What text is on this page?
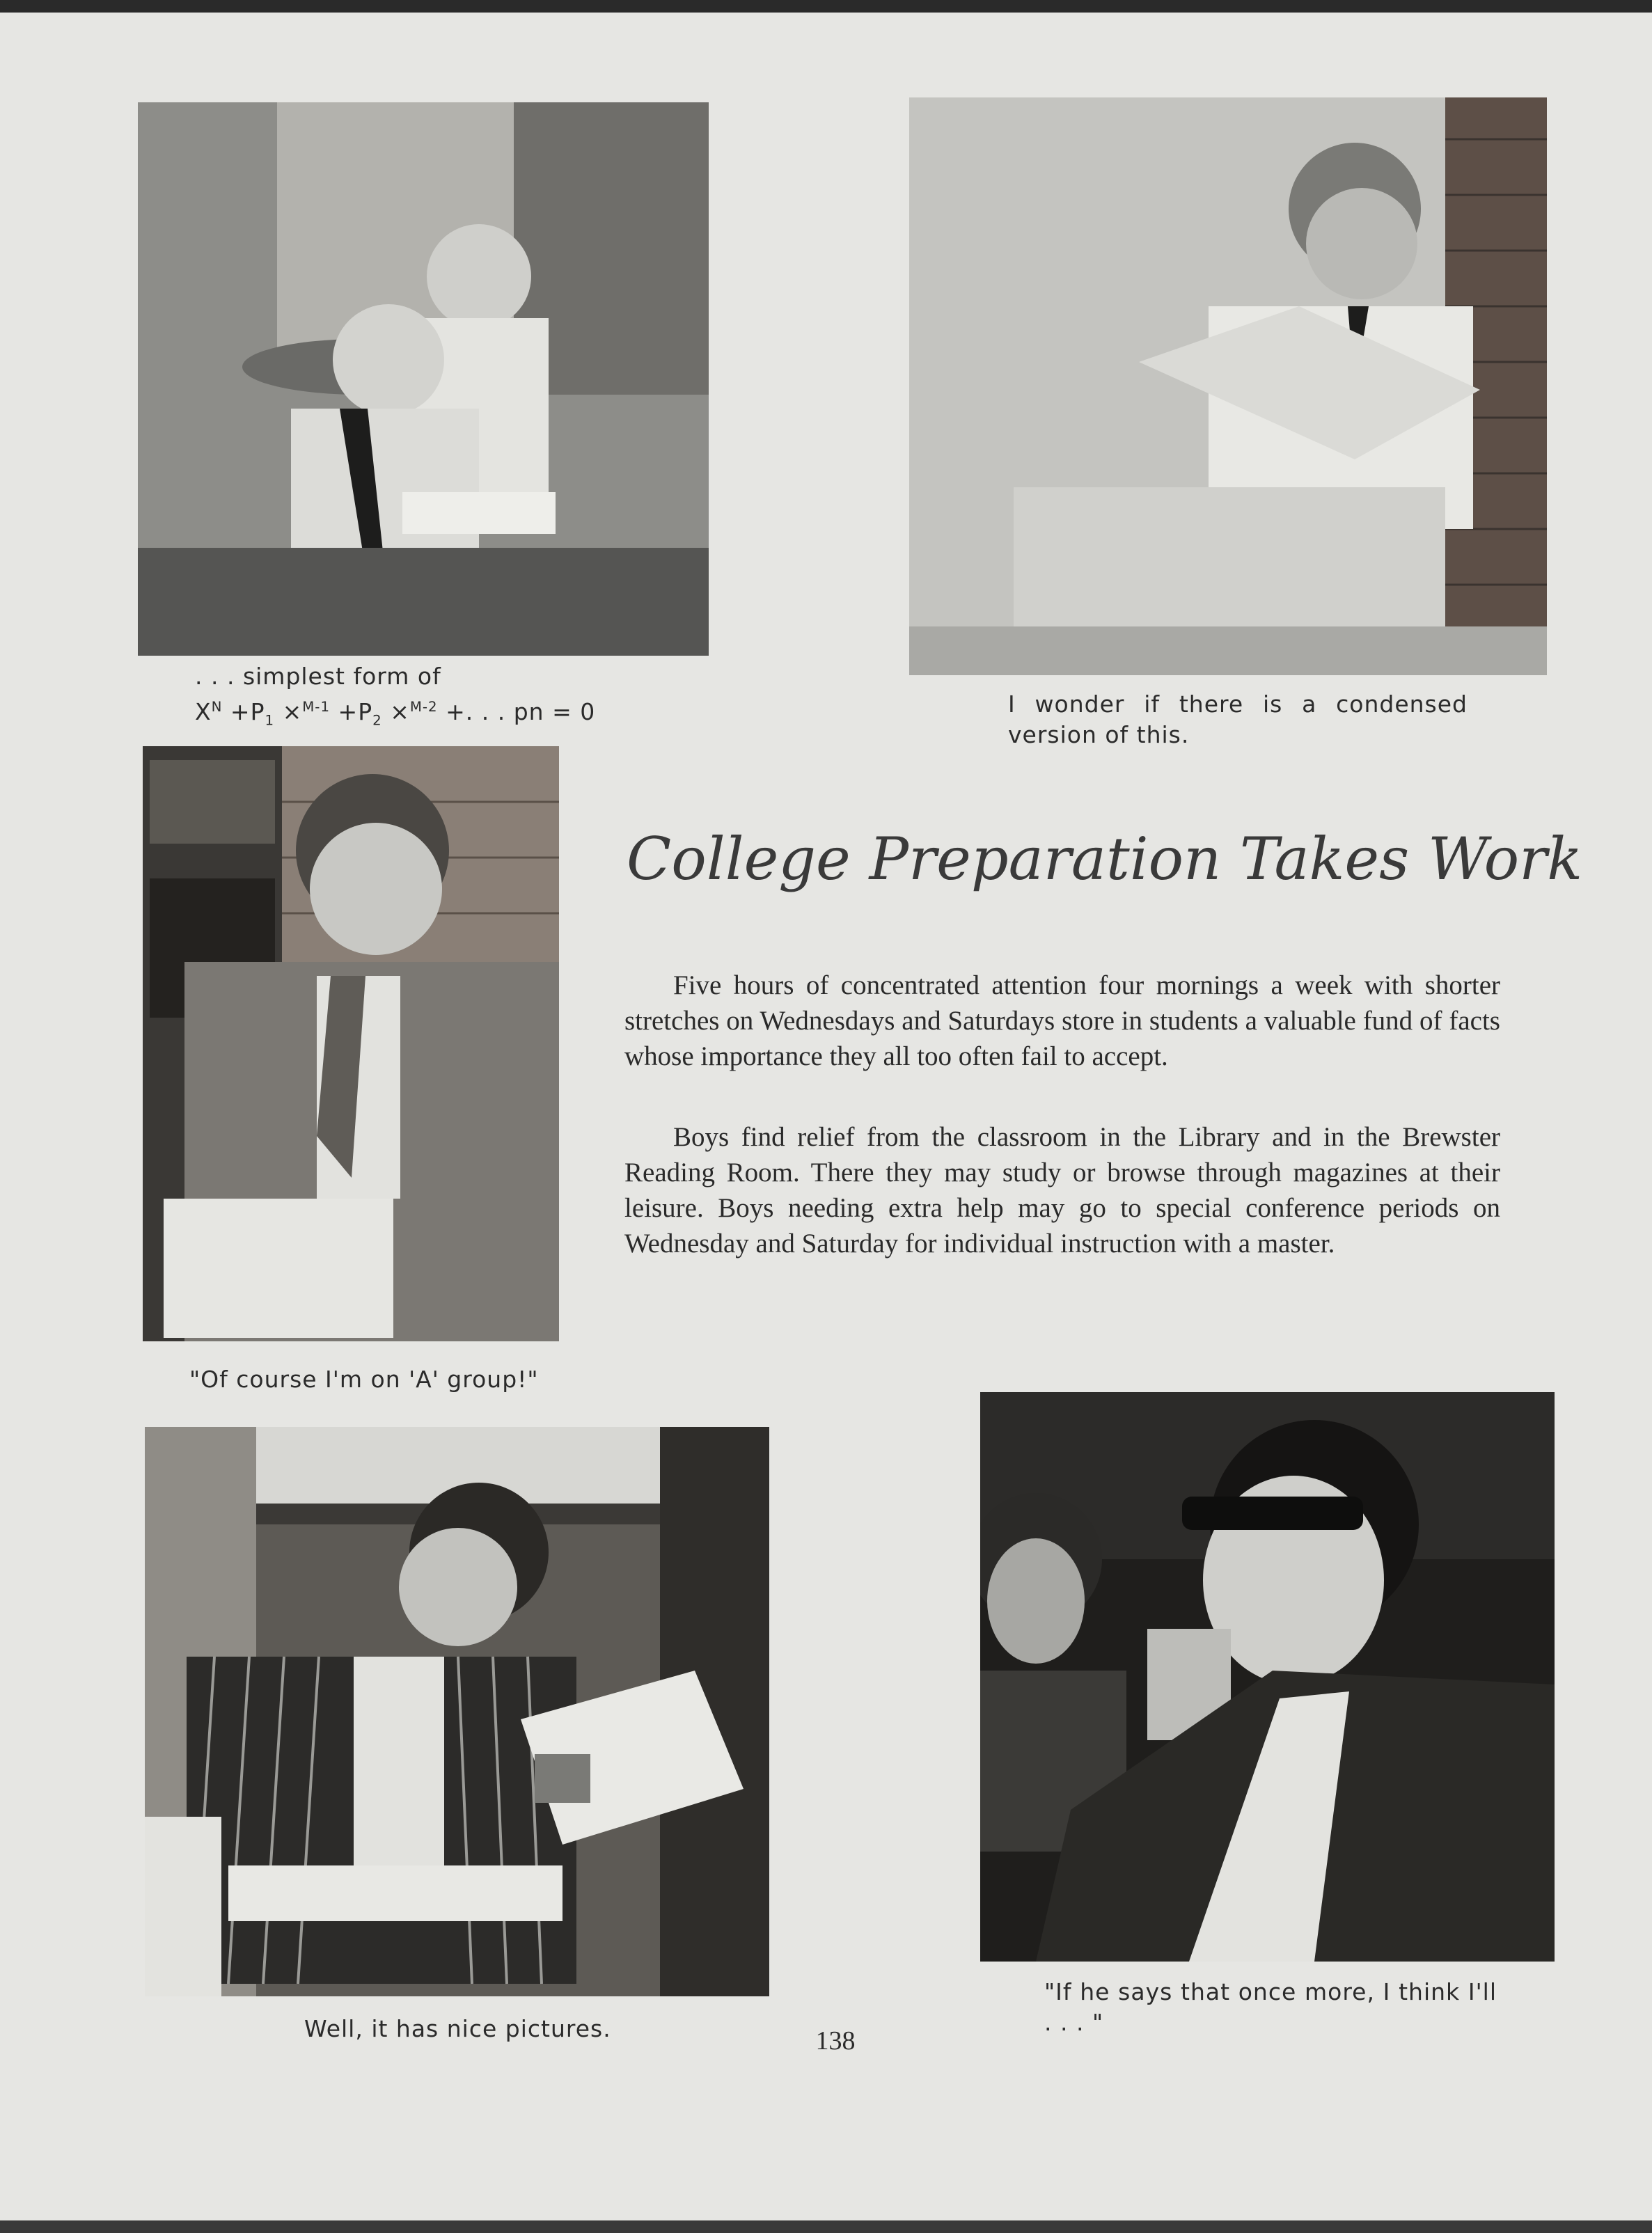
. . . simplest form of
$X^N +P_1 \times^{M-1} +P_2 \times^{M-2}$ +. . . pn = 0	I wonder if there is a condensed version of this.
"Of course I'm on 'A' group!"
College Preparation Takes Work

Five hours of concentrated attention four mornings a week with shorter stretches on Wednesdays and Saturdays store in students a valuable fund of facts whose importance they all too often fail to accept.

Boys find relief from the classroom in the Library and in the Brewster Reading Room. There they may study or browse through magazines at their leisure. Boys needing extra help may go to special conference periods on Wednesday and Saturday for individual instruction with a master.

Well, it has nice pictures.
"If he says that once more, I think I'll . . . "
138
